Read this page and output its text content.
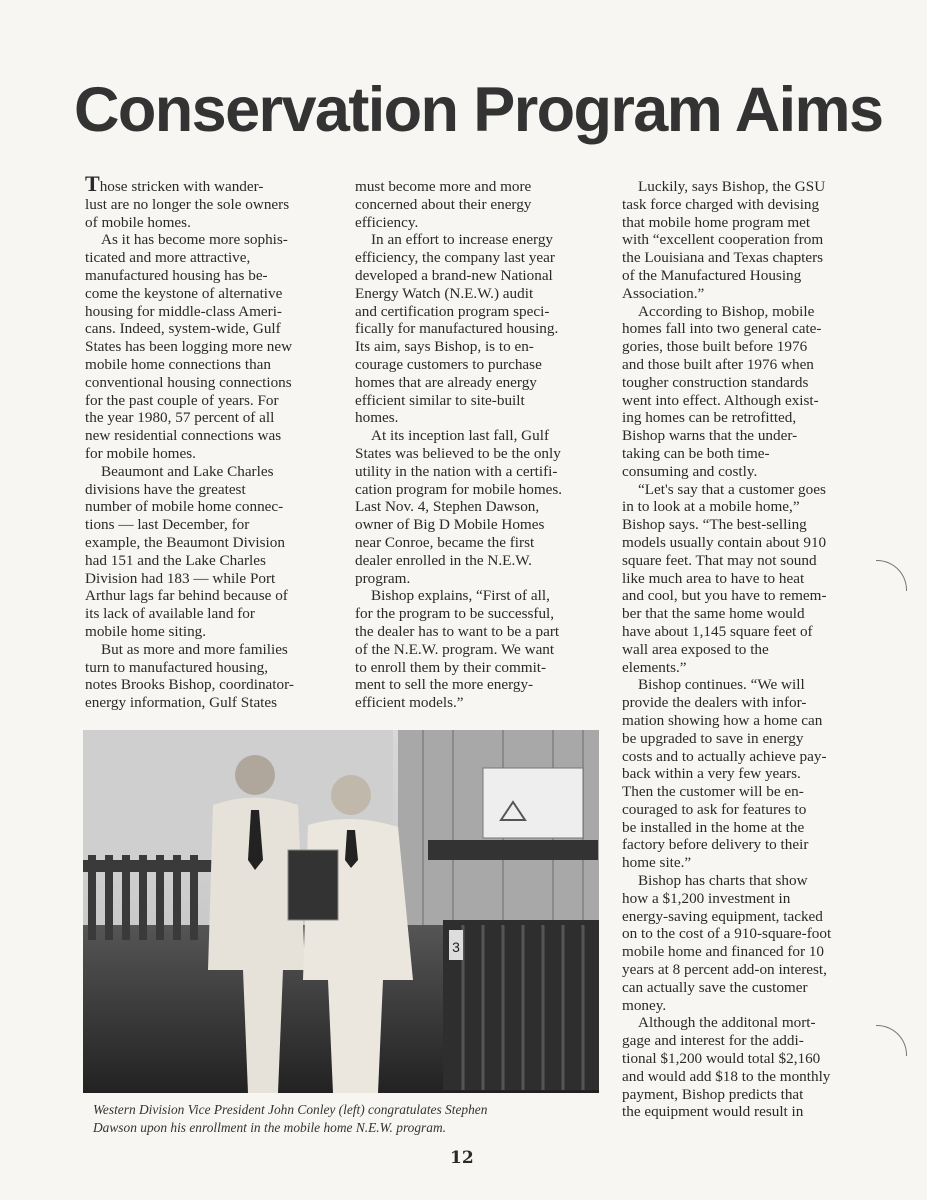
Conservation Program Aims
Those stricken with wander-
lust are no longer the sole owners
of mobile homes.
As it has become more sophis-
ticated and more attractive,
manufactured housing has be-
come the keystone of alternative
housing for middle-class Ameri-
cans. Indeed, system-wide, Gulf
States has been logging more new
mobile home connections than
conventional housing connections
for the past couple of years. For
the year 1980, 57 percent of all
new residential connections was
for mobile homes.
Beaumont and Lake Charles
divisions have the greatest
number of mobile home connec-
tions — last December, for
example, the Beaumont Division
had 151 and the Lake Charles
Division had 183 — while Port
Arthur lags far behind because of
its lack of available land for
mobile home siting.
But as more and more families
turn to manufactured housing,
notes Brooks Bishop, coordinator-
energy information, Gulf States
must become more and more
concerned about their energy
efficiency.
In an effort to increase energy
efficiency, the company last year
developed a brand-new National
Energy Watch (N.E.W.) audit
and certification program speci-
fically for manufactured housing.
Its aim, says Bishop, is to en-
courage customers to purchase
homes that are already energy
efficient similar to site-built
homes.
At its inception last fall, Gulf
States was believed to be the only
utility in the nation with a certifi-
cation program for mobile homes.
Last Nov. 4, Stephen Dawson,
owner of Big D Mobile Homes
near Conroe, became the first
dealer enrolled in the N.E.W.
program.
Bishop explains, “First of all,
for the program to be successful,
the dealer has to want to be a part
of the N.E.W. program. We want
to enroll them by their commit-
ment to sell the more energy-
efficient models.”
Luckily, says Bishop, the GSU
task force charged with devising
that mobile home program met
with “excellent cooperation from
the Louisiana and Texas chapters
of the Manufactured Housing
Association.”
According to Bishop, mobile
homes fall into two general cate-
gories, those built before 1976
and those built after 1976 when
tougher construction standards
went into effect. Although exist-
ing homes can be retrofitted,
Bishop warns that the under-
taking can be both time-
consuming and costly.
“Let's say that a customer goes
in to look at a mobile home,”
Bishop says. “The best-selling
models usually contain about 910
square feet. That may not sound
like much area to have to heat
and cool, but you have to remem-
ber that the same home would
have about 1,145 square feet of
wall area exposed to the
elements.”
Bishop continues. “We will
provide the dealers with infor-
mation showing how a home can
be upgraded to save in energy
costs and to actually achieve pay-
back within a very few years.
Then the customer will be en-
couraged to ask for features to
be installed in the home at the
factory before delivery to their
home site.”
Bishop has charts that show
how a $1,200 investment in
energy-saving equipment, tacked
on to the cost of a 910-square-foot
mobile home and financed for 10
years at 8 percent add-on interest,
can actually save the customer
money.
Although the additonal mort-
gage and interest for the addi-
tional $1,200 would total $2,160
and would add $18 to the monthly
payment, Bishop predicts that
the equipment would result in
3
Western Division Vice President John Conley (left) congratulates Stephen
Dawson upon his enrollment in the mobile home N.E.W. program.
12
